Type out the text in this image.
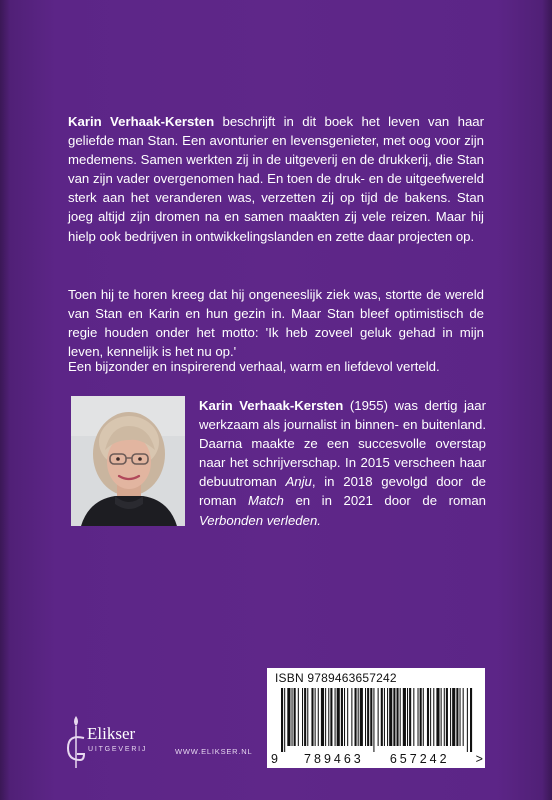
Karin Verhaak-Kersten beschrijft in dit boek het leven van haar geliefde man Stan. Een avonturier en levensgenieter, met oog voor zijn medemens. Samen werkten zij in de uitgeverij en de drukkerij, die Stan van zijn vader overgenomen had. En toen de druk- en de uitgeefwereld sterk aan het veranderen was, verzetten zij op tijd de bakens. Stan joeg altijd zijn dromen na en samen maakten zij vele reizen. Maar hij hielp ook bedrijven in ontwikkelingslanden en zette daar projecten op.

Toen hij te horen kreeg dat hij ongeneeslijk ziek was, stortte de wereld van Stan en Karin en hun gezin in. Maar Stan bleef optimistisch de regie houden onder het motto: 'Ik heb zoveel geluk gehad in mijn leven, kennelijk is het nu op.'

Een bijzonder en inspirerend verhaal, warm en liefdevol verteld.

Karin Verhaak-Kersten (1955) was dertig jaar werkzaam als journalist in binnen- en buitenland. Daarna maakte ze een succesvolle overstap naar het schrijverschap. In 2015 verscheen haar debuutroman Anju, in 2018 gevolgd door de roman Match en in 2021 door de roman Verbonden verleden.

Elikser
UITGEVERIJ	WWW.ELIKSER.NL
ISBN 9789463657242
9 789463 657242 >
